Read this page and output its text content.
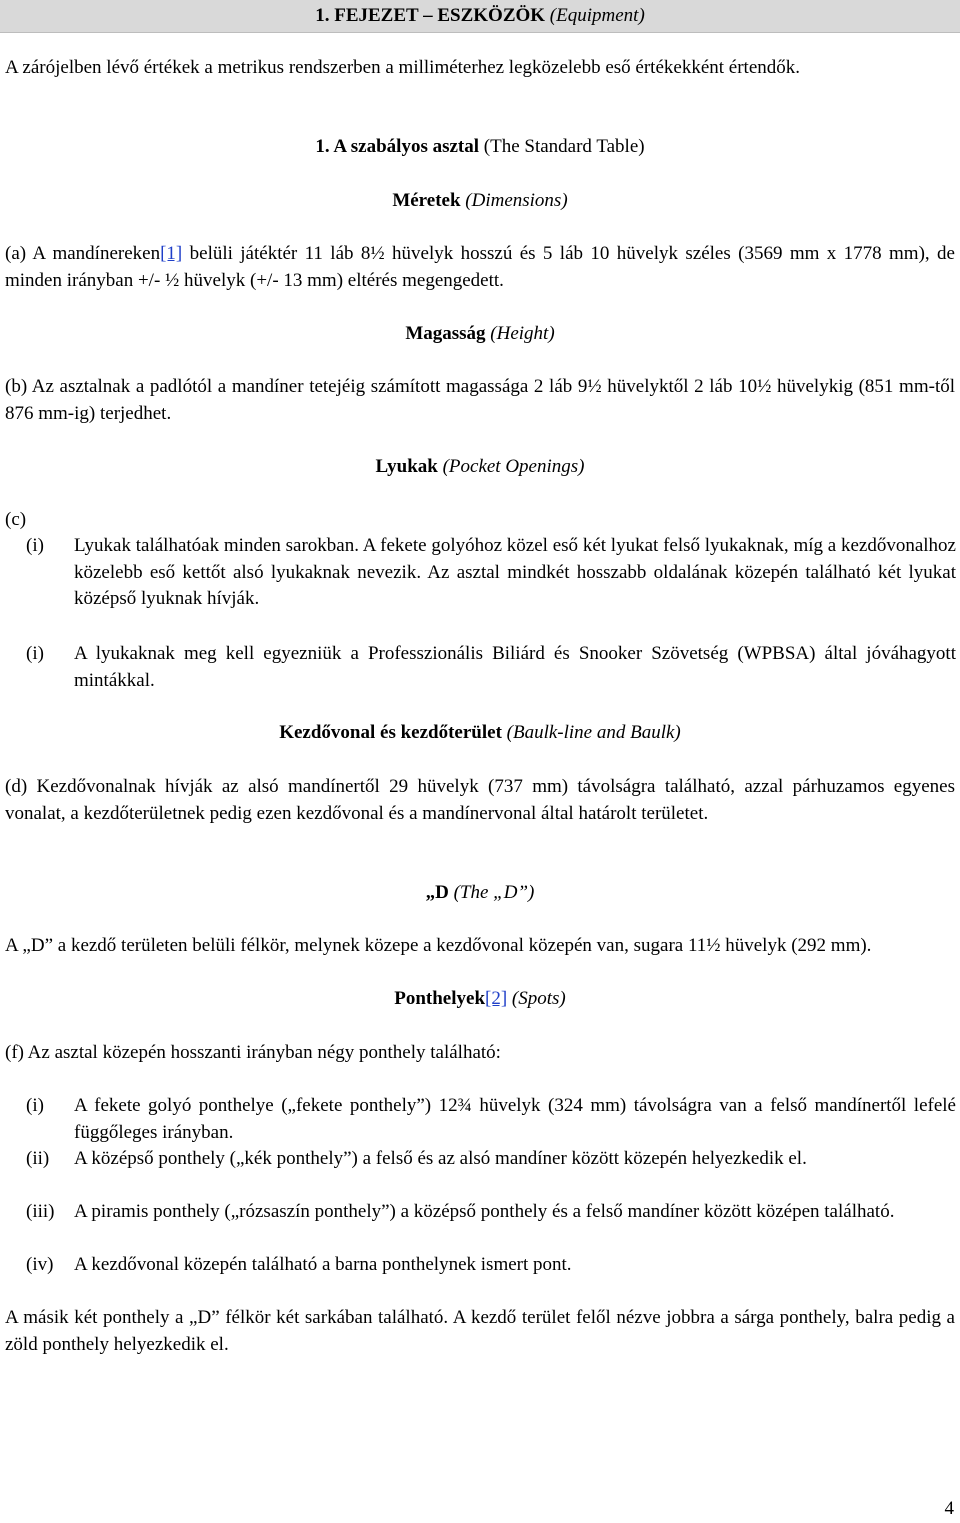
1. FEJEZET – ESZKÖZÖK (Equipment)

A zárójelben lévő értékek a metrikus rendszerben a milliméterhez legközelebb eső értékekként értendők.

1. A szabályos asztal (The Standard Table)

Méretek (Dimensions)

(a) A mandínereken[1] belüli játéktér 11 láb 8½ hüvelyk hosszú és 5 láb 10 hüvelyk széles (3569 mm x 1778 mm), de minden irányban +/- ½ hüvelyk (+/- 13 mm) eltérés megengedett.

Magasság (Height)

(b) Az asztalnak a padlótól a mandíner tetejéig számított magassága 2 láb 9½ hüvelyktől 2 láb 10½ hüvelykig (851 mm-től 876 mm-ig) terjedhet.

Lyukak (Pocket Openings)

(c)
(i)	Lyukak találhatóak minden sarokban. A fekete golyóhoz közel eső két lyukat felső lyukaknak, míg a kezdővonalhoz közelebb eső kettőt alsó lyukaknak nevezik. Az asztal mindkét hosszabb oldalának közepén található két lyukat középső lyuknak hívják.

(i)	A lyukaknak meg kell egyezniük a Professzionális Biliárd és Snooker Szövetség (WPBSA) által jóváhagyott mintákkal.

Kezdővonal és kezdőterület (Baulk-line and Baulk)

(d) Kezdővonalnak hívják az alsó mandínertől 29 hüvelyk (737 mm) távolságra található, azzal párhuzamos egyenes vonalat, a kezdőterületnek pedig ezen kezdővonal és a mandínervonal által határolt területet.

„D (The „D”)

A „D” a kezdő területen belüli félkör, melynek közepe a kezdővonal közepén van, sugara 11½ hüvelyk (292 mm).

Ponthelyek[2] (Spots)

(f) Az asztal közepén hosszanti irányban négy ponthely található:

(i)	A fekete golyó ponthelye („fekete ponthely”) 12¾ hüvelyk (324 mm) távolságra van a felső mandínertől lefelé függőleges irányban.

(ii)	A középső ponthely („kék ponthely”) a felső és az alsó mandíner között közepén helyezkedik el.

(iii)	A piramis ponthely („rózsaszín ponthely”) a középső ponthely és a felső mandíner között középen található.

(iv)	A kezdővonal közepén található a barna ponthelynek ismert pont.

A másik két ponthely a „D” félkör két sarkában található. A kezdő terület felől nézve jobbra a sárga ponthely, balra pedig a zöld ponthely helyezkedik el.

4
